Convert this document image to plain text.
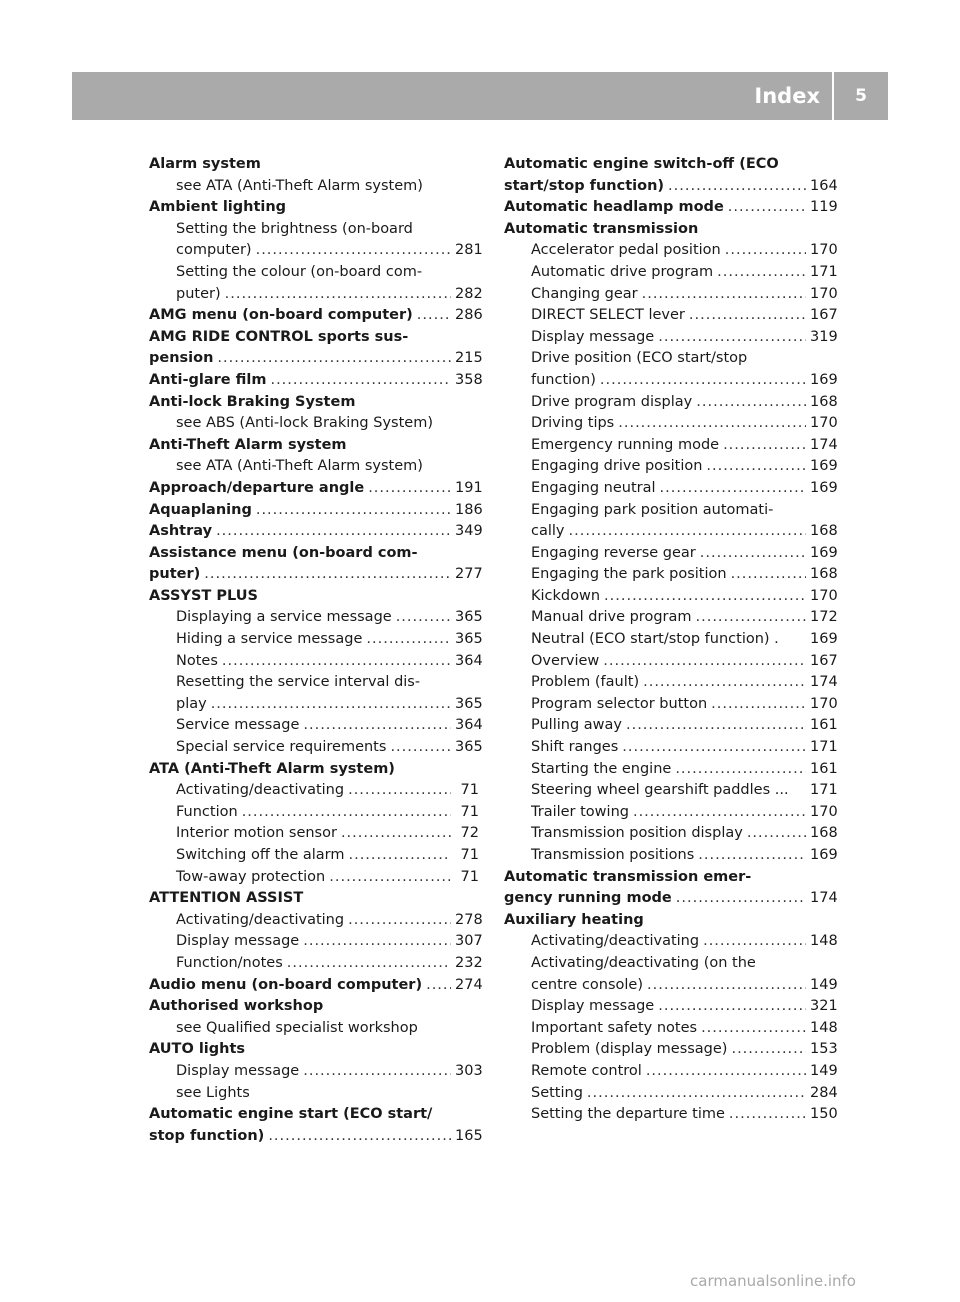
Index	5
Alarm system
see ATA (Anti-Theft Alarm system)
Ambient lighting
Setting the brightness (on-board
computer) .....	281
Setting the colour (on-board com-
puter) .....	282
AMG menu (on-board computer) .....	286
AMG RIDE CONTROL sports sus-
pension .....	215
Anti-glare film .....	358
Anti-lock Braking System
see ABS (Anti-lock Braking System)
Anti-Theft Alarm system
see ATA (Anti-Theft Alarm system)
Approach/departure angle .....	191
Aquaplaning .....	186
Ashtray .....	349
Assistance menu (on-board com-
puter) .....	277
ASSYST PLUS
Displaying a service message .....	365
Hiding a service message .....	365
Notes .....	364
Resetting the service interval dis-
play .....	365
Service message .....	364
Special service requirements .....	365
ATA (Anti-Theft Alarm system)
Activating/deactivating .....	71
Function .....	71
Interior motion sensor .....	72
Switching off the alarm .....	71
Tow-away protection .....	71
ATTENTION ASSIST
Activating/deactivating .....	278
Display message .....	307
Function/notes .....	232
Audio menu (on-board computer) ..... 274
Authorised workshop
see Qualified specialist workshop
AUTO lights
Display message .....	303
see Lights
Automatic engine start (ECO start/
stop function) .....	165
Automatic engine switch-off (ECO
start/stop function) .....	164
Automatic headlamp mode .....	119
Automatic transmission
Accelerator pedal position .....	170
Automatic drive program .....	171
Changing gear .....	170
DIRECT SELECT lever .....	167
Display message .....	319
Drive position (ECO start/stop
function) .....	169
Drive program display .....	168
Driving tips .....	170
Emergency running mode .....	174
Engaging drive position .....	169
Engaging neutral .....	169
Engaging park position automati-
cally .....	168
Engaging reverse gear .....	169
Engaging the park position .....	168
Kickdown .....	170
Manual drive program .....	172
Neutral (ECO start/stop function) . 169
Overview .....	167
Problem (fault) .....	174
Program selector button .....	170
Pulling away .....	161
Shift ranges .....	171
Starting the engine .....	161
Steering wheel gearshift paddles ... 171
Trailer towing .....	170
Transmission position display .....	168
Transmission positions .....	169
Automatic transmission emer-
gency running mode .....	174
Auxiliary heating
Activating/deactivating .....	148
Activating/deactivating (on the
centre console) .....	149
Display message .....	321
Important safety notes .....	148
Problem (display message) .....	153
Remote control .....	149
Setting .....	284
Setting the departure time .....	150
carmanualsonline.info
